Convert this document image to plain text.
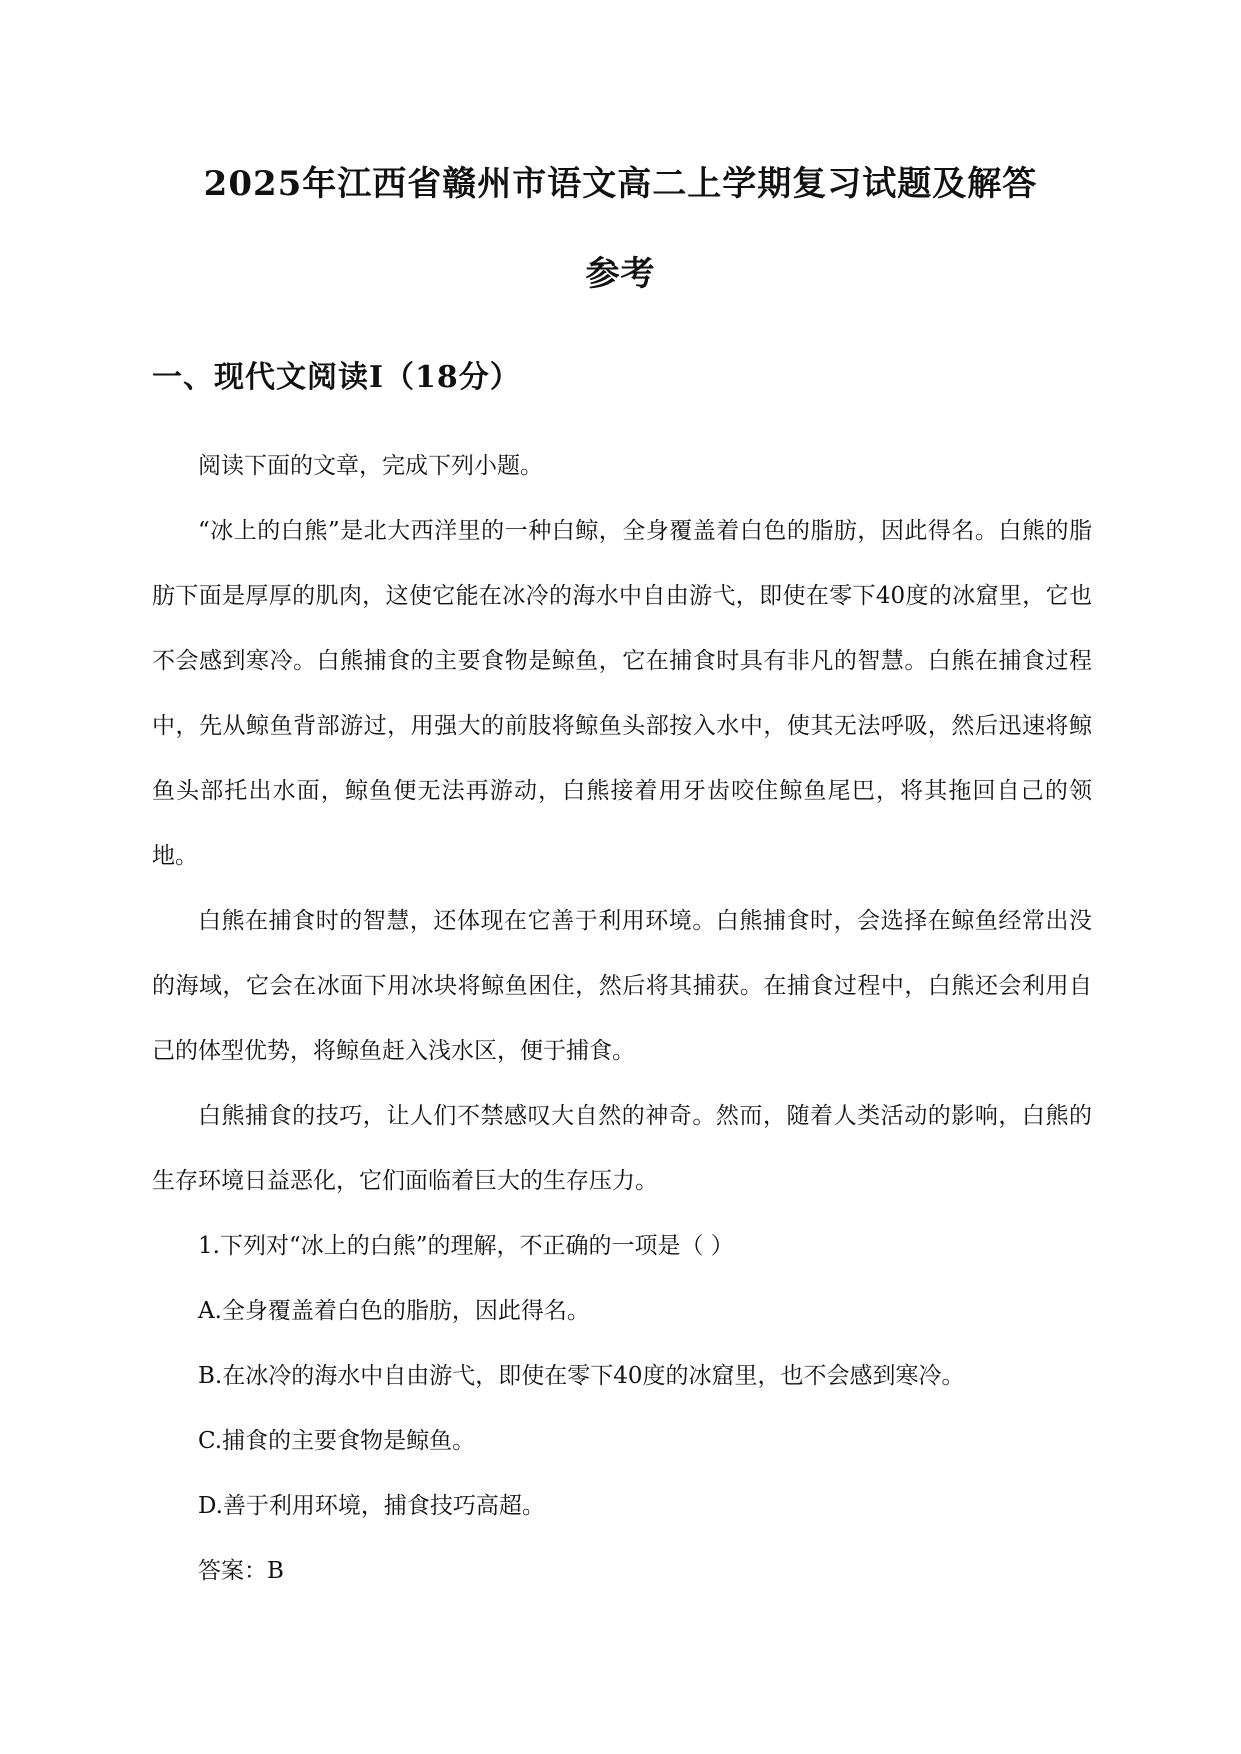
2025年江西省赣州市语文高二上学期复习试题及解答
参考
一、现代文阅读Ⅰ（18分）

阅读下面的文章，完成下列小题。

“冰上的白熊”是北大西洋里的一种白鲸，全身覆盖着白色的脂肪，因此得名。白熊的脂肪下面是厚厚的肌肉，这使它能在冰冷的海水中自由游弋，即使在零下40度的冰窟里，它也不会感到寒冷。白熊捕食的主要食物是鲸鱼，它在捕食时具有非凡的智慧。白熊在捕食过程中，先从鲸鱼背部游过，用强大的前肢将鲸鱼头部按入水中，使其无法呼吸，然后迅速将鲸鱼头部托出水面，鲸鱼便无法再游动，白熊接着用牙齿咬住鲸鱼尾巴，将其拖回自己的领地。

白熊在捕食时的智慧，还体现在它善于利用环境。白熊捕食时，会选择在鲸鱼经常出没的海域，它会在冰面下用冰块将鲸鱼困住，然后将其捕获。在捕食过程中，白熊还会利用自己的体型优势，将鲸鱼赶入浅水区，便于捕食。

白熊捕食的技巧，让人们不禁感叹大自然的神奇。然而，随着人类活动的影响，白熊的生存环境日益恶化，它们面临着巨大的生存压力。

1.下列对“冰上的白熊”的理解，不正确的一项是（ ）

A.全身覆盖着白色的脂肪，因此得名。

B.在冰冷的海水中自由游弋，即使在零下40度的冰窟里，也不会感到寒冷。

C.捕食的主要食物是鲸鱼。

D.善于利用环境，捕食技巧高超。

答案：B
